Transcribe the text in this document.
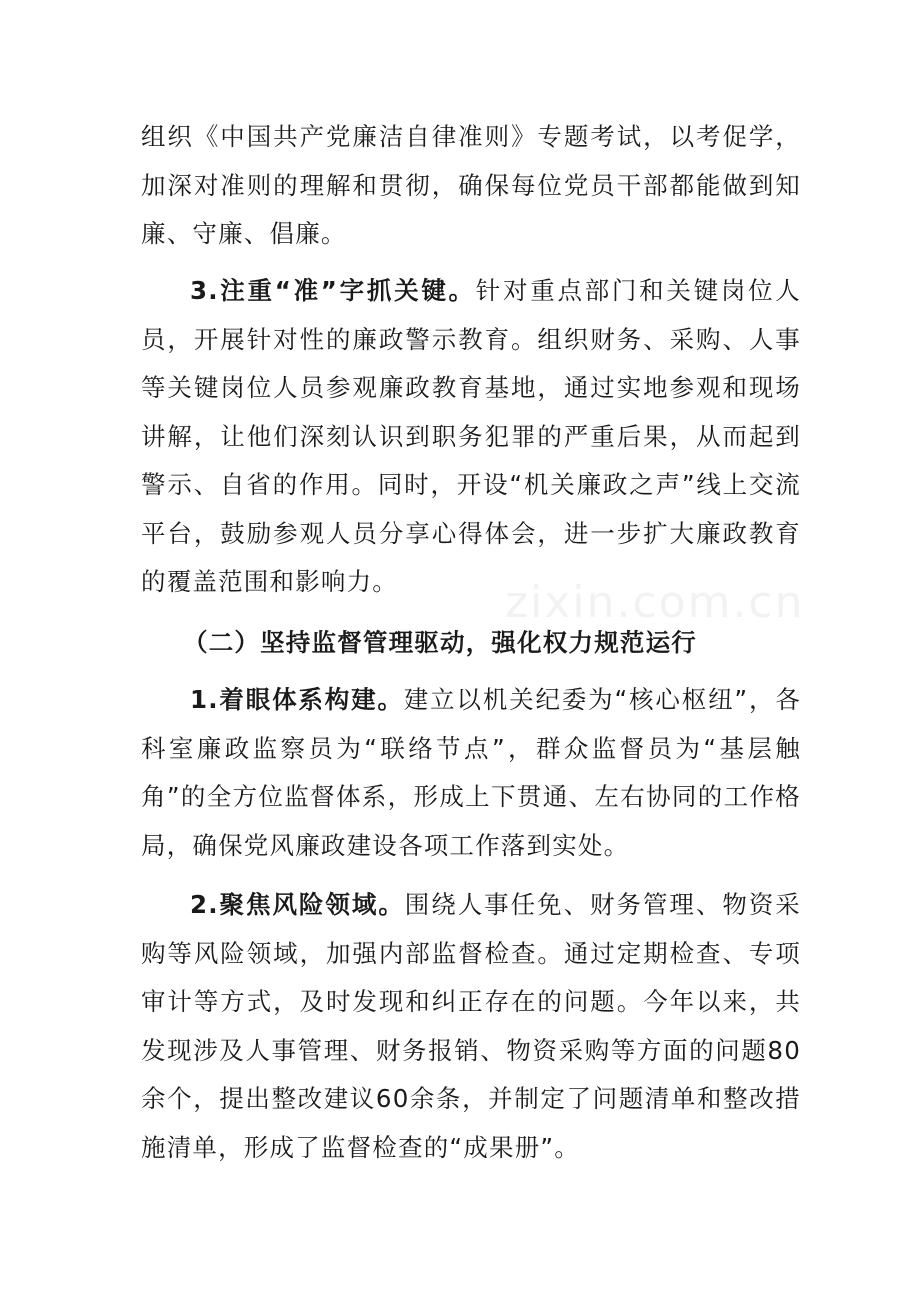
zixin.com.cn

组织《中国共产党廉洁自律准则》专题考试，以考促学，加深对准则的理解和贯彻，确保每位党员干部都能做到知廉、守廉、倡廉。

3.注重“准”字抓关键。针对重点部门和关键岗位人员，开展针对性的廉政警示教育。组织财务、采购、人事等关键岗位人员参观廉政教育基地，通过实地参观和现场讲解，让他们深刻认识到职务犯罪的严重后果，从而起到警示、自省的作用。同时，开设“机关廉政之声”线上交流平台，鼓励参观人员分享心得体会，进一步扩大廉政教育的覆盖范围和影响力。

（二）坚持监督管理驱动，强化权力规范运行

1.着眼体系构建。建立以机关纪委为“核心枢纽”，各科室廉政监察员为“联络节点”，群众监督员为“基层触角”的全方位监督体系，形成上下贯通、左右协同的工作格局，确保党风廉政建设各项工作落到实处。

2.聚焦风险领域。围绕人事任免、财务管理、物资采购等风险领域，加强内部监督检查。通过定期检查、专项审计等方式，及时发现和纠正存在的问题。今年以来，共发现涉及人事管理、财务报销、物资采购等方面的问题80余个，提出整改建议60余条，并制定了问题清单和整改措施清单，形成了监督检查的“成果册”。
